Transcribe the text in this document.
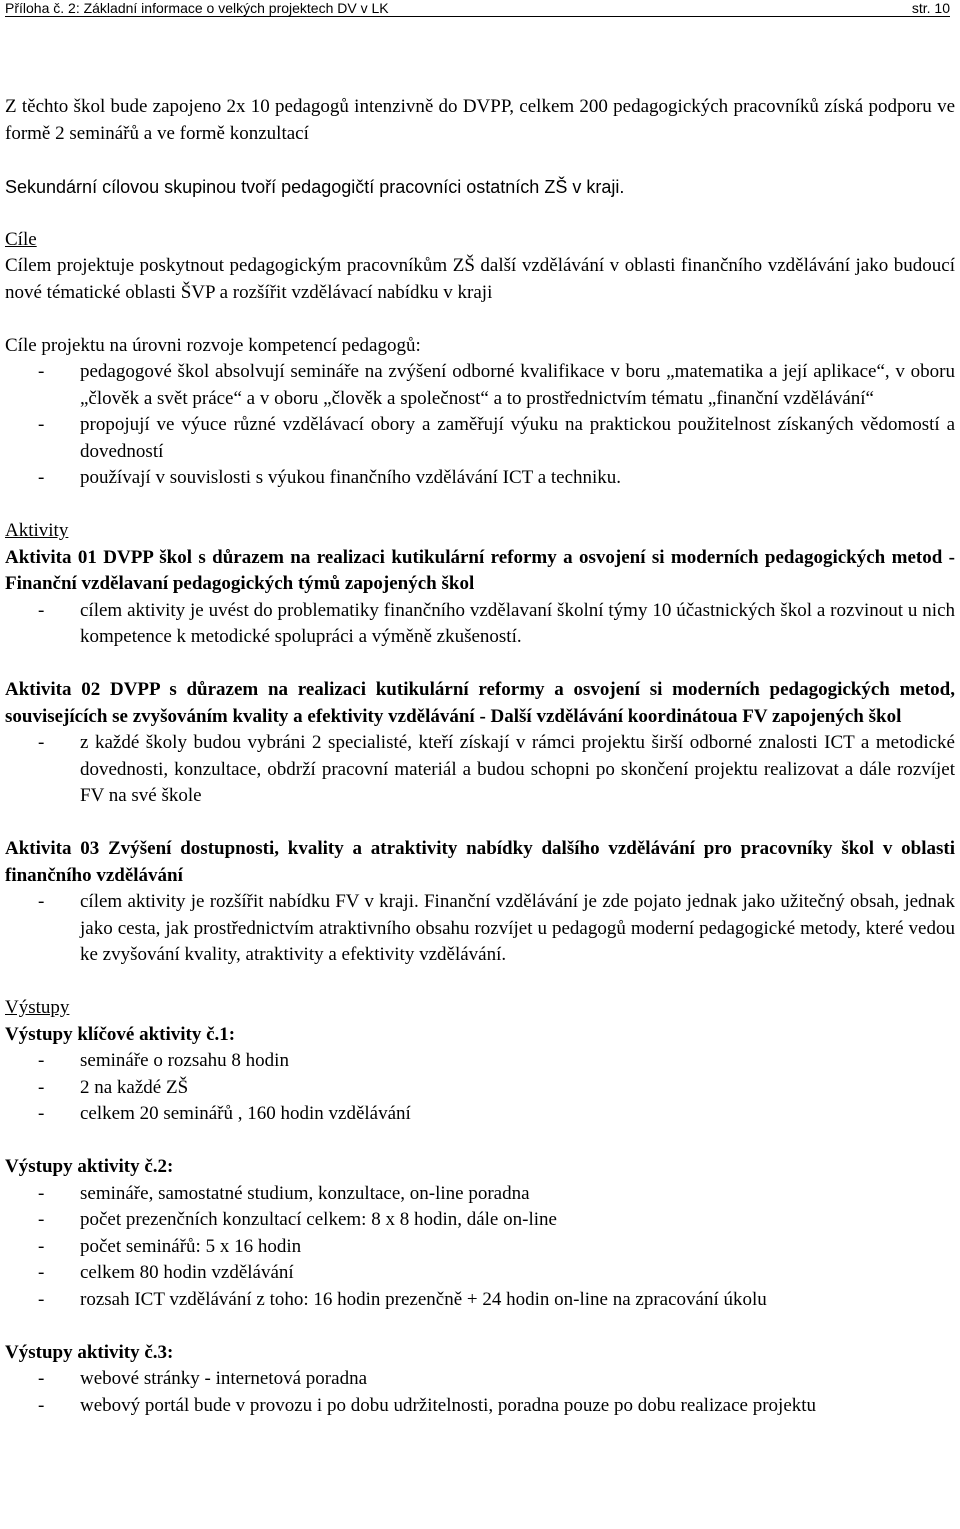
Příloha č. 2: Základní informace o velkých projektech DV v LK	str. 10

Z těchto škol bude zapojeno 2x 10 pedagogů intenzivně do DVPP, celkem 200 pedagogických pracovníků získá podporu ve formě 2 seminářů a ve formě konzultací

Sekundární cílovou skupinou tvoří pedagogičtí pracovníci ostatních ZŠ v kraji.

Cíle

Cílem projektuje poskytnout pedagogickým pracovníkům ZŠ další vzdělávání v oblasti finančního vzdělávání jako budoucí nové tématické oblasti ŠVP a rozšířit vzdělávací nabídku v kraji

Cíle projektu na úrovni rozvoje kompetencí pedagogů:

- pedagogové škol absolvují semináře na zvýšení odborné kvalifikace v boru „matematika a její aplikace“, v oboru „člověk a svět práce“ a v oboru „člověk a společnost“ a to prostřednictvím tématu „finanční vzdělávání“
- propojují ve výuce různé vzdělávací obory a zaměřují výuku na praktickou použitelnost získaných vědomostí a dovedností
- používají v souvislosti s výukou finančního vzdělávání ICT a techniku.

Aktivity

Aktivita 01 DVPP škol s důrazem na realizaci kutikulární reformy a osvojení si moderních pedagogických metod - Finanční vzdělavaní pedagogických týmů zapojených škol

- cílem aktivity je uvést do problematiky finančního vzdělavaní školní týmy 10 účastnických škol a rozvinout u nich kompetence k metodické spolupráci a výměně zkušeností.

Aktivita 02 DVPP s důrazem na realizaci kutikulární reformy a osvojení si moderních pedagogických metod, souvisejících se zvyšováním kvality a efektivity vzdělávání - Další vzdělávání koordinátoua FV zapojených škol

- z každé školy budou vybráni 2 specialisté, kteří získají v rámci projektu širší odborné znalosti ICT a metodické dovednosti, konzultace, obdrží pracovní materiál a budou schopni po skončení projektu realizovat a dále rozvíjet FV na své škole

Aktivita 03 Zvýšení dostupnosti, kvality a atraktivity nabídky dalšího vzdělávání pro pracovníky škol v oblasti finančního vzdělávání

- cílem aktivity je rozšířit nabídku FV v kraji. Finanční vzdělávání je zde pojato jednak jako užitečný obsah, jednak jako cesta, jak prostřednictvím atraktivního obsahu rozvíjet u pedagogů moderní pedagogické metody, které vedou ke zvyšování kvality, atraktivity a efektivity vzdělávání.

Výstupy

Výstupy klíčové aktivity č.1:

- semináře o rozsahu 8 hodin
- 2 na každé ZŠ
- celkem 20 seminářů , 160 hodin vzdělávání

Výstupy aktivity č.2:

- semináře, samostatné studium, konzultace, on-line poradna
- počet prezenčních konzultací celkem: 8 x 8 hodin, dále on-line
- počet seminářů: 5 x 16 hodin
- celkem 80 hodin vzdělávání
- rozsah ICT vzdělávání z toho: 16 hodin prezenčně + 24 hodin on-line na zpracování úkolu

Výstupy aktivity č.3:

- webové stránky - internetová poradna
- webový portál bude v provozu i po dobu udržitelnosti, poradna pouze po dobu realizace projektu
